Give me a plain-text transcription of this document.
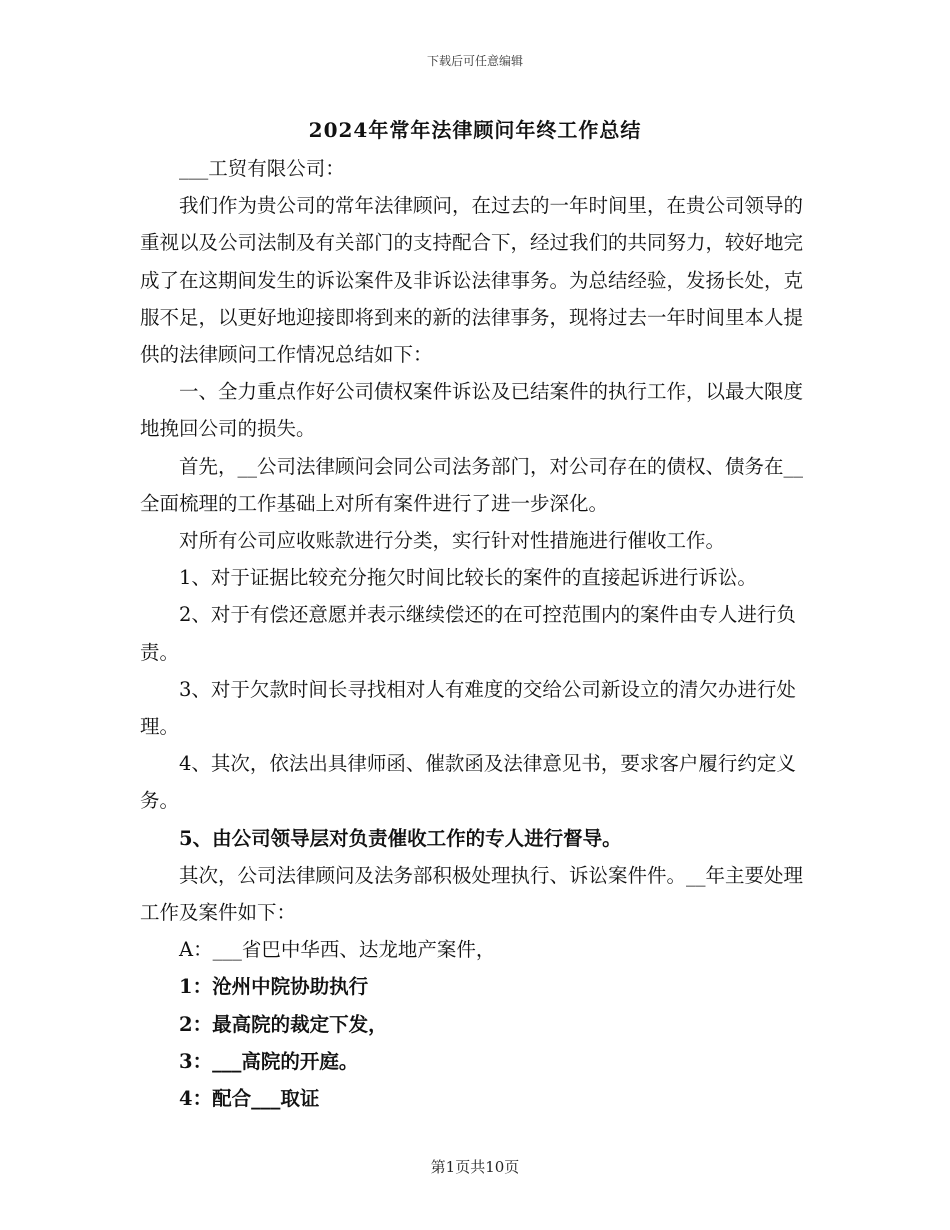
下载后可任意编辑
2024年常年法律顾问年终工作总结

___工贸有限公司：

我们作为贵公司的常年法律顾问，在过去的一年时间里，在贵公司领导的重视以及公司法制及有关部门的支持配合下，经过我们的共同努力，较好地完成了在这期间发生的诉讼案件及非诉讼法律事务。为总结经验，发扬长处，克服不足，以更好地迎接即将到来的新的法律事务，现将过去一年时间里本人提供的法律顾问工作情况总结如下：

一、全力重点作好公司债权案件诉讼及已结案件的执行工作，以最大限度地挽回公司的损失。

首先，__公司法律顾问会同公司法务部门，对公司存在的债权、债务在__全面梳理的工作基础上对所有案件进行了进一步深化。

对所有公司应收账款进行分类，实行针对性措施进行催收工作。

1、对于证据比较充分拖欠时间比较长的案件的直接起诉进行诉讼。

2、对于有偿还意愿并表示继续偿还的在可控范围内的案件由专人进行负责。

3、对于欠款时间长寻找相对人有难度的交给公司新设立的清欠办进行处理。

4、其次，依法出具律师函、催款函及法律意见书，要求客户履行约定义务。

5、由公司领导层对负责催收工作的专人进行督导。

其次，公司法律顾问及法务部积极处理执行、诉讼案件件。__年主要处理工作及案件如下：

A：___省巴中华西、达龙地产案件，

1：沧州中院协助执行

2：最高院的裁定下发，

3：___高院的开庭。

4：配合___取证

第1页共10页
